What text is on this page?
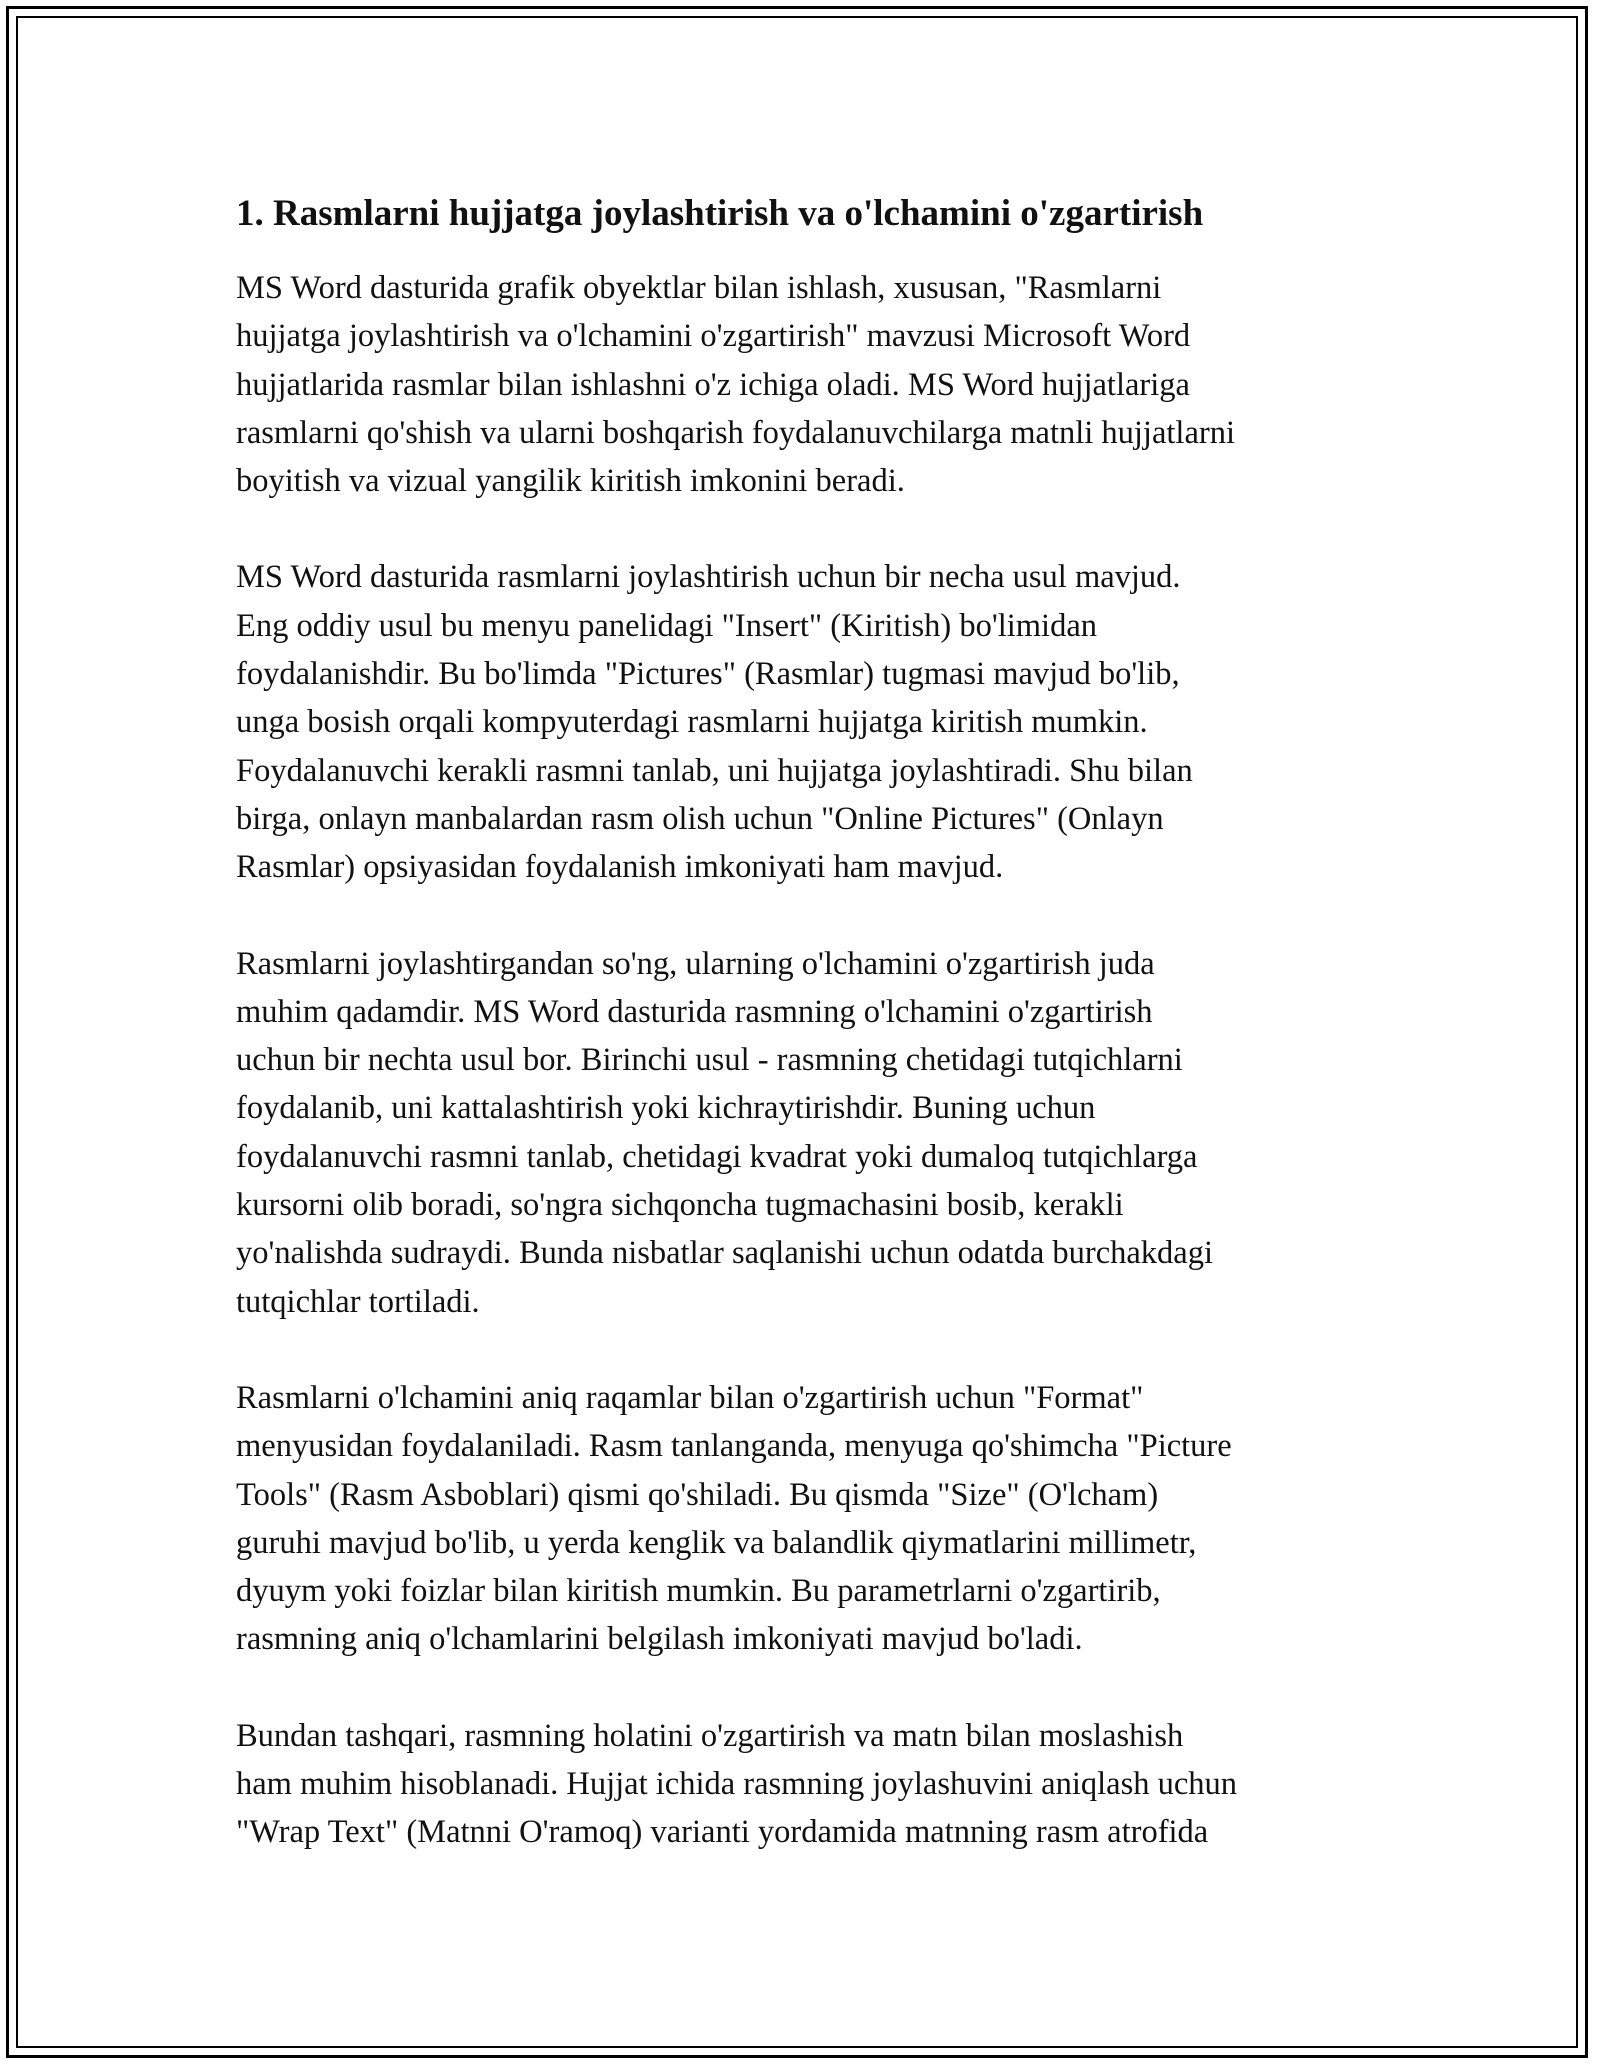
1. Rasmlarni hujjatga joylashtirish va o'lchamini o'zgartirish

MS Word dasturida grafik obyektlar bilan ishlash, xususan, "Rasmlarni
hujjatga joylashtirish va o'lchamini o'zgartirish" mavzusi Microsoft Word
hujjatlarida rasmlar bilan ishlashni o'z ichiga oladi. MS Word hujjatlariga
rasmlarni qo'shish va ularni boshqarish foydalanuvchilarga matnli hujjatlarni
boyitish va vizual yangilik kiritish imkonini beradi.

MS Word dasturida rasmlarni joylashtirish uchun bir necha usul mavjud.
Eng oddiy usul bu menyu panelidagi "Insert" (Kiritish) bo'limidan
foydalanishdir. Bu bo'limda "Pictures" (Rasmlar) tugmasi mavjud bo'lib,
unga bosish orqali kompyuterdagi rasmlarni hujjatga kiritish mumkin.
Foydalanuvchi kerakli rasmni tanlab, uni hujjatga joylashtiradi. Shu bilan
birga, onlayn manbalardan rasm olish uchun "Online Pictures" (Onlayn
Rasmlar) opsiyasidan foydalanish imkoniyati ham mavjud.

Rasmlarni joylashtirgandan so'ng, ularning o'lchamini o'zgartirish juda
muhim qadamdir. MS Word dasturida rasmning o'lchamini o'zgartirish
uchun bir nechta usul bor. Birinchi usul - rasmning chetidagi tutqichlarni
foydalanib, uni kattalashtirish yoki kichraytirishdir. Buning uchun
foydalanuvchi rasmni tanlab, chetidagi kvadrat yoki dumaloq tutqichlarga
kursorni olib boradi, so'ngra sichqoncha tugmachasini bosib, kerakli
yo'nalishda sudraydi. Bunda nisbatlar saqlanishi uchun odatda burchakdagi
tutqichlar tortiladi.

Rasmlarni o'lchamini aniq raqamlar bilan o'zgartirish uchun "Format"
menyusidan foydalaniladi. Rasm tanlanganda, menyuga qo'shimcha "Picture
Tools" (Rasm Asboblari) qismi qo'shiladi. Bu qismda "Size" (O'lcham)
guruhi mavjud bo'lib, u yerda kenglik va balandlik qiymatlarini millimetr,
dyuym yoki foizlar bilan kiritish mumkin. Bu parametrlarni o'zgartirib,
rasmning aniq o'lchamlarini belgilash imkoniyati mavjud bo'ladi.

Bundan tashqari, rasmning holatini o'zgartirish va matn bilan moslashish
ham muhim hisoblanadi. Hujjat ichida rasmning joylashuvini aniqlash uchun
"Wrap Text" (Matnni O'ramoq) varianti yordamida matnning rasm atrofida
